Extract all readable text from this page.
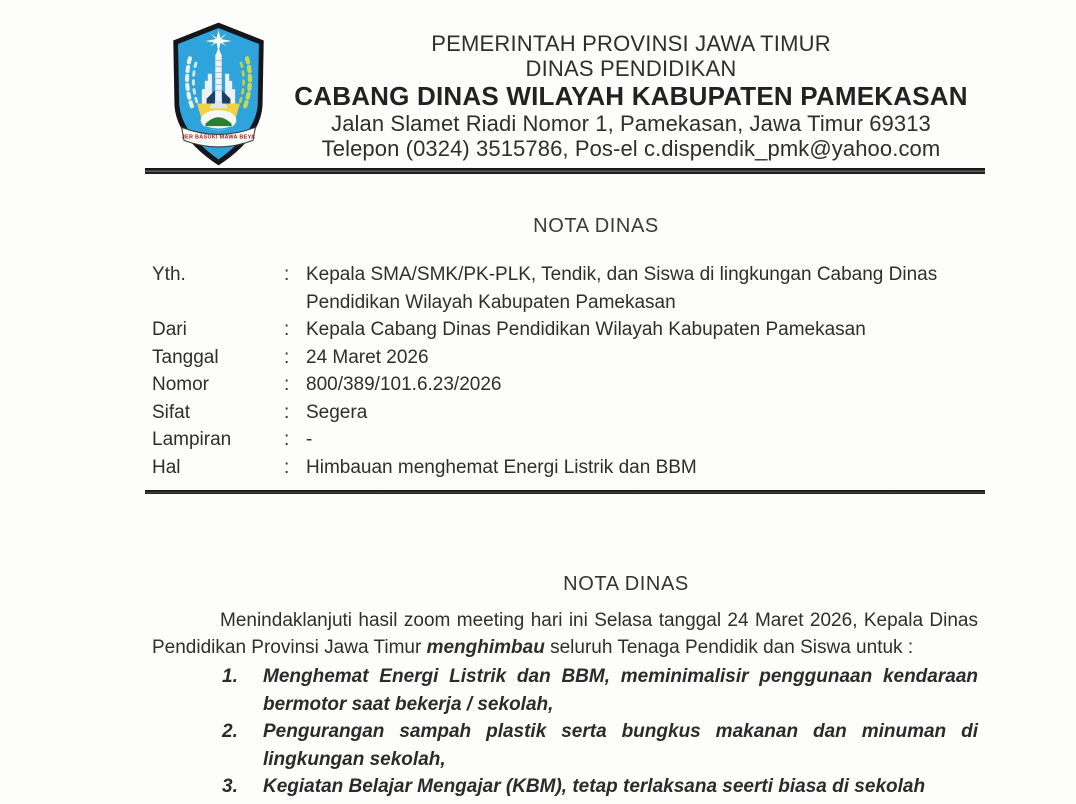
JER BASUKI MAWA BEYA
PEMERINTAH PROVINSI JAWA TIMUR
DINAS PENDIDIKAN
CABANG DINAS WILAYAH KABUPATEN PAMEKASAN
Jalan Slamet Riadi Nomor 1, Pamekasan, Jawa Timur 69313
Telepon (0324) 3515786, Pos-el c.dispendik_pmk@yahoo.com
NOTA DINAS
Yth.	: Kepala SMA/SMK/PK-PLK, Tendik, dan Siswa di lingkungan Cabang Dinas Pendidikan Wilayah Kabupaten Pamekasan
Dari	: Kepala Cabang Dinas Pendidikan Wilayah Kabupaten Pamekasan
Tanggal	: 24 Maret 2026
Nomor	: 800/389/101.6.23/2026
Sifat	: Segera
Lampiran	: -
Hal	: Himbauan menghemat Energi Listrik dan BBM
NOTA DINAS

Menindaklanjuti hasil zoom meeting hari ini Selasa tanggal 24 Maret 2026, Kepala Dinas Pendidikan Provinsi Jawa Timur menghimbau seluruh Tenaga Pendidik dan Siswa untuk :

1.	Menghemat Energi Listrik dan BBM, meminimalisir penggunaan kendaraan bermotor saat bekerja / sekolah,
2.	Pengurangan sampah plastik serta bungkus makanan dan minuman di lingkungan sekolah,
3.	Kegiatan Belajar Mengajar (KBM), tetap terlaksana seerti biasa di sekolah
